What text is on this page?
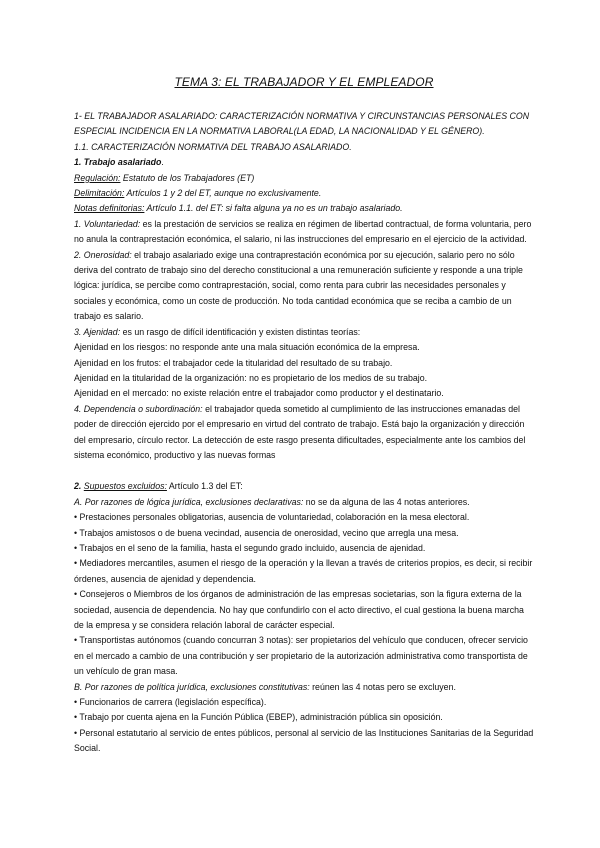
TEMA 3: EL TRABAJADOR Y EL EMPLEADOR

1- EL TRABAJADOR ASALARIADO: CARACTERIZACIÓN NORMATIVA Y CIRCUNSTANCIAS PERSONALES CON ESPECIAL INCIDENCIA EN LA NORMATIVA LABORAL(LA EDAD, LA NACIONALIDAD Y EL GÉNERO).

1.1. CARACTERIZACIÓN NORMATIVA DEL TRABAJO ASALARIADO.

1. Trabajo asalariado.

Regulación: Estatuto de los Trabajadores (ET)

Delimitación: Artículos 1 y 2 del ET, aunque no exclusivamente.

Notas definitorias: Artículo 1.1. del ET: si falta alguna ya no es un trabajo asalariado.

1. Voluntariedad: es la prestación de servicios se realiza en régimen de libertad contractual, de forma voluntaria, pero no anula la contraprestación económica, el salario, ni las instrucciones del empresario en el ejercicio de la actividad.

2. Onerosidad: el trabajo asalariado exige una contraprestación económica por su ejecución, salario pero no sólo deriva del contrato de trabajo sino del derecho constitucional a una remuneración suficiente y responde a una triple lógica: jurídica, se percibe como contraprestación, social, como renta para cubrir las necesidades personales y sociales y económica, como un coste de producción. No toda cantidad económica que se reciba a cambio de un trabajo es salario.

3. Ajenidad: es un rasgo de difícil identificación y existen distintas teorías:

Ajenidad en los riesgos: no responde ante una mala situación económica de la empresa.

Ajenidad en los frutos: el trabajador cede la titularidad del resultado de su trabajo.

Ajenidad en la titularidad de la organización: no es propietario de los medios de su trabajo.

Ajenidad en el mercado: no existe relación entre el trabajador como productor y el destinatario.

4. Dependencia o subordinación: el trabajador queda sometido al cumplimiento de las instrucciones emanadas del poder de dirección ejercido por el empresario en virtud del contrato de trabajo. Está bajo la organización y dirección del empresario, círculo rector. La detección de este rasgo presenta dificultades, especialmente ante los cambios del sistema económico, productivo y las nuevas formas

2. Supuestos excluidos: Artículo 1.3 del ET:

A. Por razones de lógica jurídica, exclusiones declarativas: no se da alguna de las 4 notas anteriores.

• Prestaciones personales obligatorias, ausencia de voluntariedad, colaboración en la mesa electoral.

• Trabajos amistosos o de buena vecindad, ausencia de onerosidad, vecino que arregla una mesa.

• Trabajos en el seno de la familia, hasta el segundo grado incluido, ausencia de ajenidad.

• Mediadores mercantiles, asumen el riesgo de la operación y la llevan a través de criterios propios, es decir, si recibir órdenes, ausencia de ajenidad y dependencia.

• Consejeros o Miembros de los órganos de administración de las empresas societarias, son la figura externa de la sociedad, ausencia de dependencia. No hay que confundirlo con el acto directivo, el cual gestiona la buena marcha de la empresa y se considera relación laboral de carácter especial.

• Transportistas autónomos (cuando concurran 3 notas): ser propietarios del vehículo que conducen, ofrecer servicio en el mercado a cambio de una contribución y ser propietario de la autorización administrativa como transportista de un vehículo de gran masa.

B. Por razones de política jurídica, exclusiones constitutivas: reúnen las 4 notas pero se excluyen.

• Funcionarios de carrera (legislación específica).

• Trabajo por cuenta ajena en la Función Pública (EBEP), administración pública sin oposición.

• Personal estatutario al servicio de entes públicos, personal al servicio de las Instituciones Sanitarias de la Seguridad Social.
